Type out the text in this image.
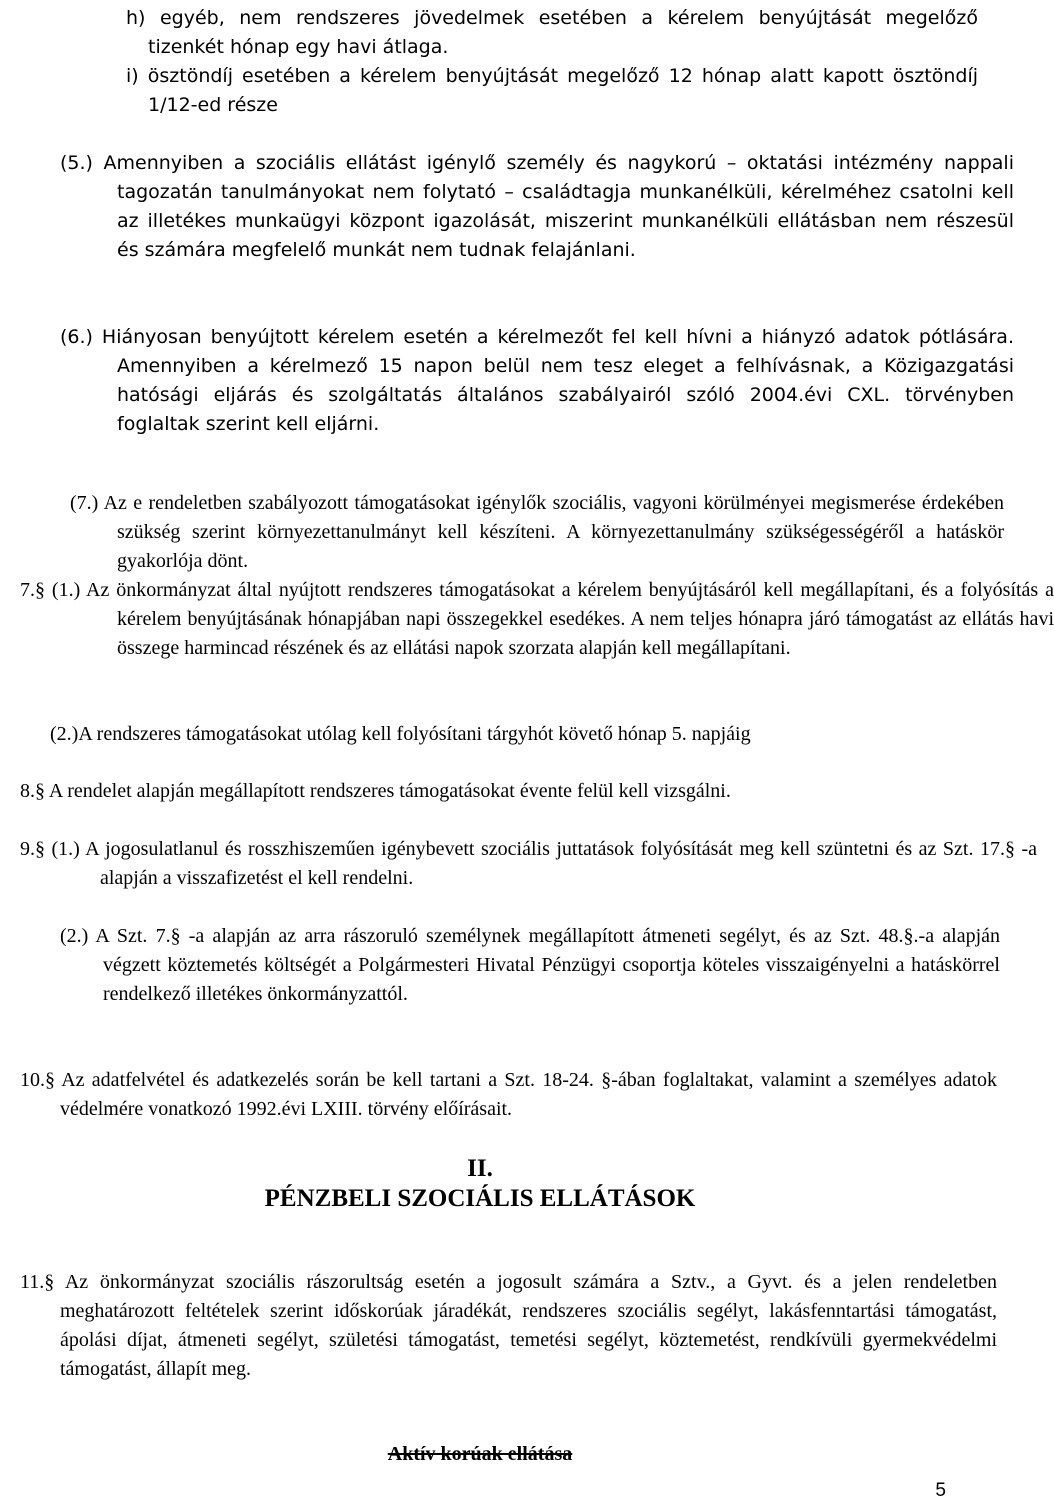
h) egyéb, nem rendszeres jövedelmek esetében a kérelem benyújtását megelőző tizenkét hónap egy havi átlaga.

i) ösztöndíj esetében a kérelem benyújtását megelőző 12 hónap alatt kapott ösztöndíj 1/12-ed része

(5.) Amennyiben a szociális ellátást igénylő személy és nagykorú – oktatási intézmény nappali tagozatán tanulmányokat nem folytató – családtagja munkanélküli, kérelméhez csatolni kell az illetékes munkaügyi központ igazolását, miszerint munkanélküli ellátásban nem részesül és számára megfelelő munkát nem tudnak felajánlani.

(6.) Hiányosan benyújtott kérelem esetén a kérelmezőt fel kell hívni a hiányzó adatok pótlására. Amennyiben a kérelmező 15 napon belül nem tesz eleget a felhívásnak, a Közigazgatási hatósági eljárás és szolgáltatás általános szabályairól szóló 2004.évi CXL. törvényben foglaltak szerint kell eljárni.

(7.) Az e rendeletben szabályozott támogatásokat igénylők szociális, vagyoni körülményei megismerése érdekében szükség szerint környezettanulmányt kell készíteni. A környezettanulmány szükségességéről a hatáskör gyakorlója dönt.

7.§ (1.) Az önkormányzat által nyújtott rendszeres támogatásokat a kérelem benyújtásáról kell megállapítani, és a folyósítás a kérelem benyújtásának hónapjában napi összegekkel esedékes. A nem teljes hónapra járó támogatást az ellátás havi összege harmincad részének és az ellátási napok szorzata alapján kell megállapítani.

(2.)A rendszeres támogatásokat utólag kell folyósítani tárgyhót követő hónap 5. napjáig

8.§ A rendelet alapján megállapított rendszeres támogatásokat évente felül kell vizsgálni.

9.§ (1.) A jogosulatlanul és rosszhiszeműen igénybevett szociális juttatások folyósítását meg kell szüntetni és az Szt. 17.§ -a alapján a visszafizetést el kell rendelni.

(2.) A Szt. 7.§ -a alapján az arra rászoruló személynek megállapított átmeneti segélyt, és az Szt. 48.§.-a alapján végzett köztemetés költségét a Polgármesteri Hivatal Pénzügyi csoportja köteles visszaigényelni a hatáskörrel rendelkező illetékes önkormányzattól.

10.§ Az adatfelvétel és adatkezelés során be kell tartani a Szt. 18-24. §-ában foglaltakat, valamint a személyes adatok védelmére vonatkozó 1992.évi LXIII. törvény előírásait.

II.

PÉNZBELI SZOCIÁLIS ELLÁTÁSOK

11.§ Az önkormányzat szociális rászorultság esetén a jogosult számára a Sztv., a Gyvt. és a jelen rendeletben meghatározott feltételek szerint időskorúak járadékát, rendszeres szociális segélyt, lakásfenntartási támogatást, ápolási díjat, átmeneti segélyt, születési támogatást, temetési segélyt, köztemetést, rendkívüli gyermekvédelmi támogatást, állapít meg.

Aktív korúak ellátása

5
